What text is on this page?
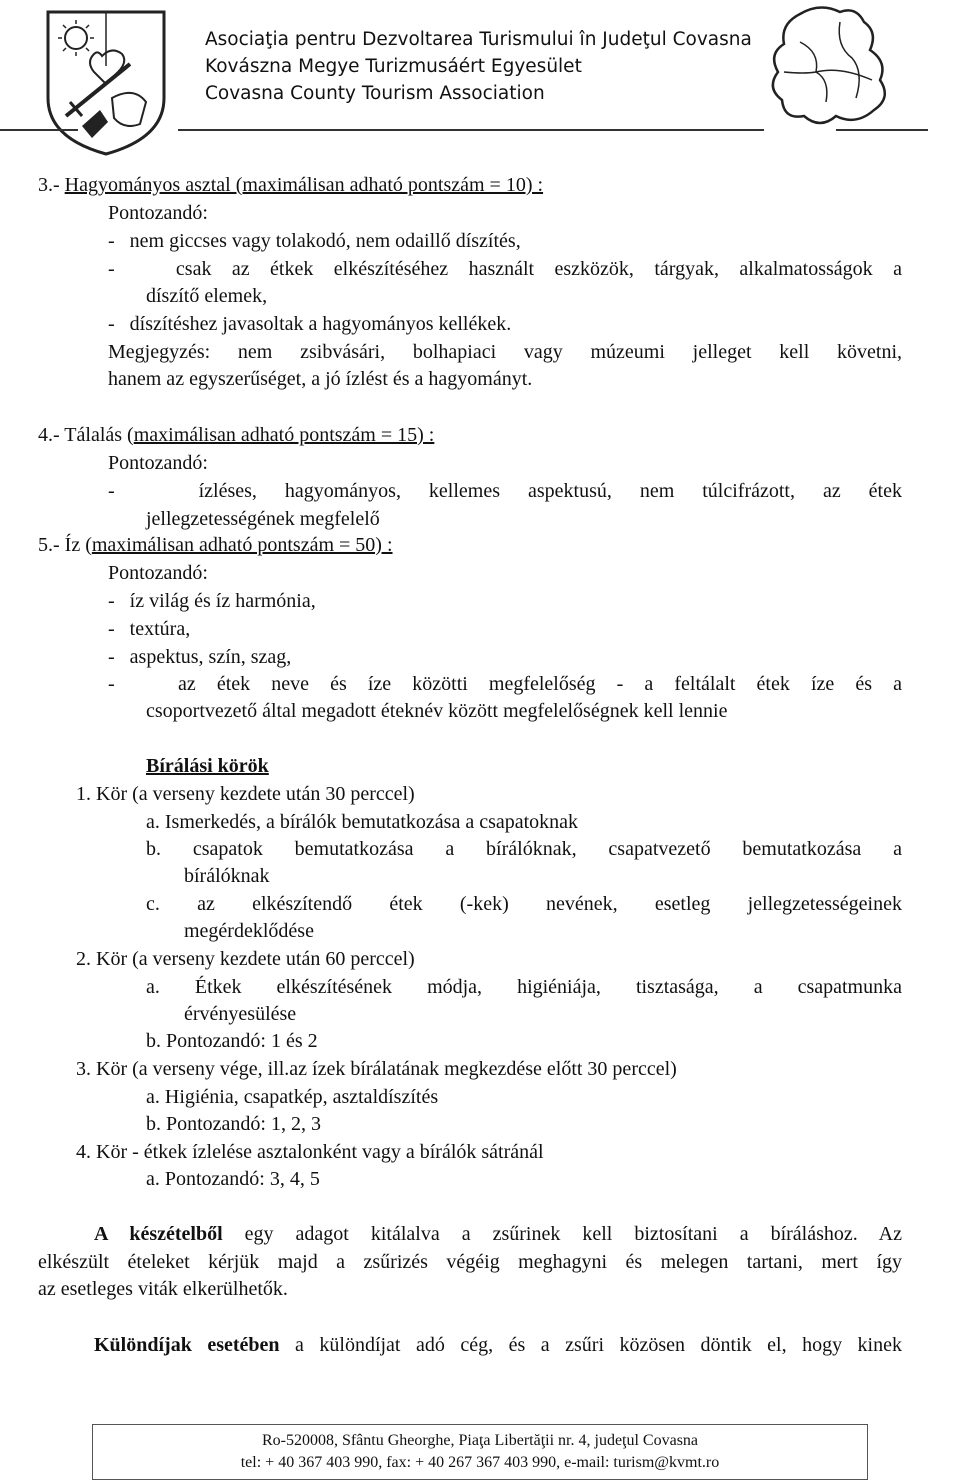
Asociaţia pentru Dezvoltarea Turismului în Judeţul Covasna
Kovászna Megye Turizmusáért Egyesület
Covasna County Tourism Association
3.- Hagyományos asztal (maximálisan adható pontszám = 10) :
Pontozandó:
-   nem giccses vagy tolakodó, nem odaillő díszítés,
-   csak az étkek elkészítéséhez használt eszközök, tárgyak, alkalmatosságok a
díszítő elemek,
-   díszítéshez javasoltak a hagyományos kellékek.
Megjegyzés: nem zsibvásári, bolhapiaci vagy múzeumi jelleget kell követni,
hanem az egyszerűséget, a jó ízlést és a hagyományt.
4.- Tálalás (maximálisan adható pontszám = 15) :
Pontozandó:
-   ízléses, hagyományos, kellemes aspektusú, nem túlcifrázott, az étek
jellegzetességének megfelelő
5.- Íz (maximálisan adható pontszám = 50) :
Pontozandó:
-   íz világ és íz harmónia,
-   textúra,
-   aspektus, szín, szag,
-   az étek neve és íze közötti megfelelőség - a feltálalt étek íze és a
csoportvezető által megadott éteknév között megfelelőségnek kell lennie
Bírálási körök
1. Kör (a verseny kezdete után 30 perccel)
a. Ismerkedés, a bírálók bemutatkozása a csapatoknak
b. csapatok bemutatkozása a bírálóknak, csapatvezető bemutatkozása a
bírálóknak
c. az elkészítendő étek (-kek) nevének, esetleg jellegzetességeinek
megérdeklődése
2. Kör (a verseny kezdete után 60 perccel)
a. Étkek elkészítésének módja, higiéniája, tisztasága, a csapatmunka
érvényesülése
b. Pontozandó: 1 és 2
3. Kör (a verseny vége, ill.az ízek bírálatának megkezdése előtt 30 perccel)
a. Higiénia, csapatkép, asztaldíszítés
b. Pontozandó: 1, 2, 3
4. Kör - étkek ízlelése asztalonként vagy a bírálók sátránál
a. Pontozandó: 3, 4, 5
A készételből egy adagot kitálalva a zsűrinek kell biztosítani a bíráláshoz. Az
elkészült ételeket kérjük majd a zsűrizés végéig meghagyni és melegen tartani, mert így
az esetleges viták elkerülhetők.
Különdíjak esetében a különdíjat adó cég, és a zsűri közösen döntik el, hogy kinek
Ro-520008, Sfântu Gheorghe, Piaţa Libertăţii nr. 4, judeţul Covasna
tel: + 40 367 403 990, fax: + 40 267 367 403 990, e-mail: turism@kvmt.ro
